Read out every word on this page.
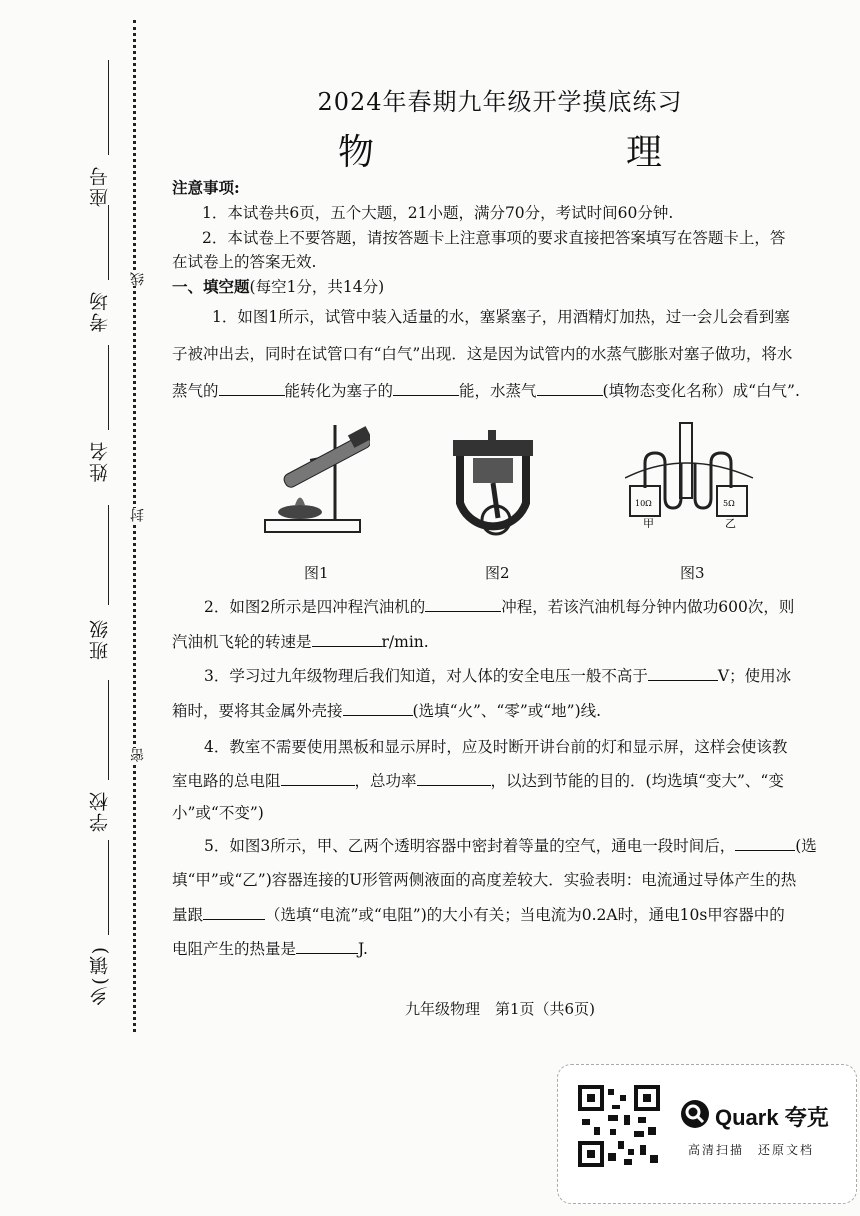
座号
考场
姓名
班级
学校
乡(镇)
线
封
密
2024年春期九年级开学摸底练习
物　　理
注意事项:
1．本试卷共6页，五个大题，21小题，满分70分，考试时间60分钟.
2．本试卷上不要答题，请按答题卡上注意事项的要求直接把答案填写在答题卡上，答
在试卷上的答案无效.
一、填空题(每空1分，共14分)
1．如图1所示，试管中装入适量的水，塞紧塞子，用酒精灯加热，过一会儿会看到塞
子被冲出去，同时在试管口有“白气”出现．这是因为试管内的水蒸气膨胀对塞子做功，将水
蒸气的	能转化为塞子的	能，水蒸气	(填物态变化名称）成“白气”.
10Ω	5Ω
甲	乙
图1	图2	图3
2．如图2所示是四冲程汽油机的	冲程，若该汽油机每分钟内做功600次，则
汽油机飞轮的转速是	r/min.
3．学习过九年级物理后我们知道，对人体的安全电压一般不高于	V；使用冰
箱时，要将其金属外壳接	(选填“火”、“零”或“地”)线.
4．教室不需要使用黑板和显示屏时，应及时断开讲台前的灯和显示屏，这样会使该教
室电路的总电阻	，总功率	，以达到节能的目的．(均选填“变大”、“变
小”或“不变”)
5．如图3所示，甲、乙两个透明容器中密封着等量的空气，通电一段时间后，	(选
填“甲”或“乙”)容器连接的U形管两侧液面的高度差较大．实验表明：电流通过导体产生的热
量跟	（选填“电流”或“电阻”)的大小有关；当电流为0.2A时，通电10s甲容器中的
电阻产生的热量是	J.
九年级物理　第1页（共6页)
Quark 夸克
高清扫描　还原文档
